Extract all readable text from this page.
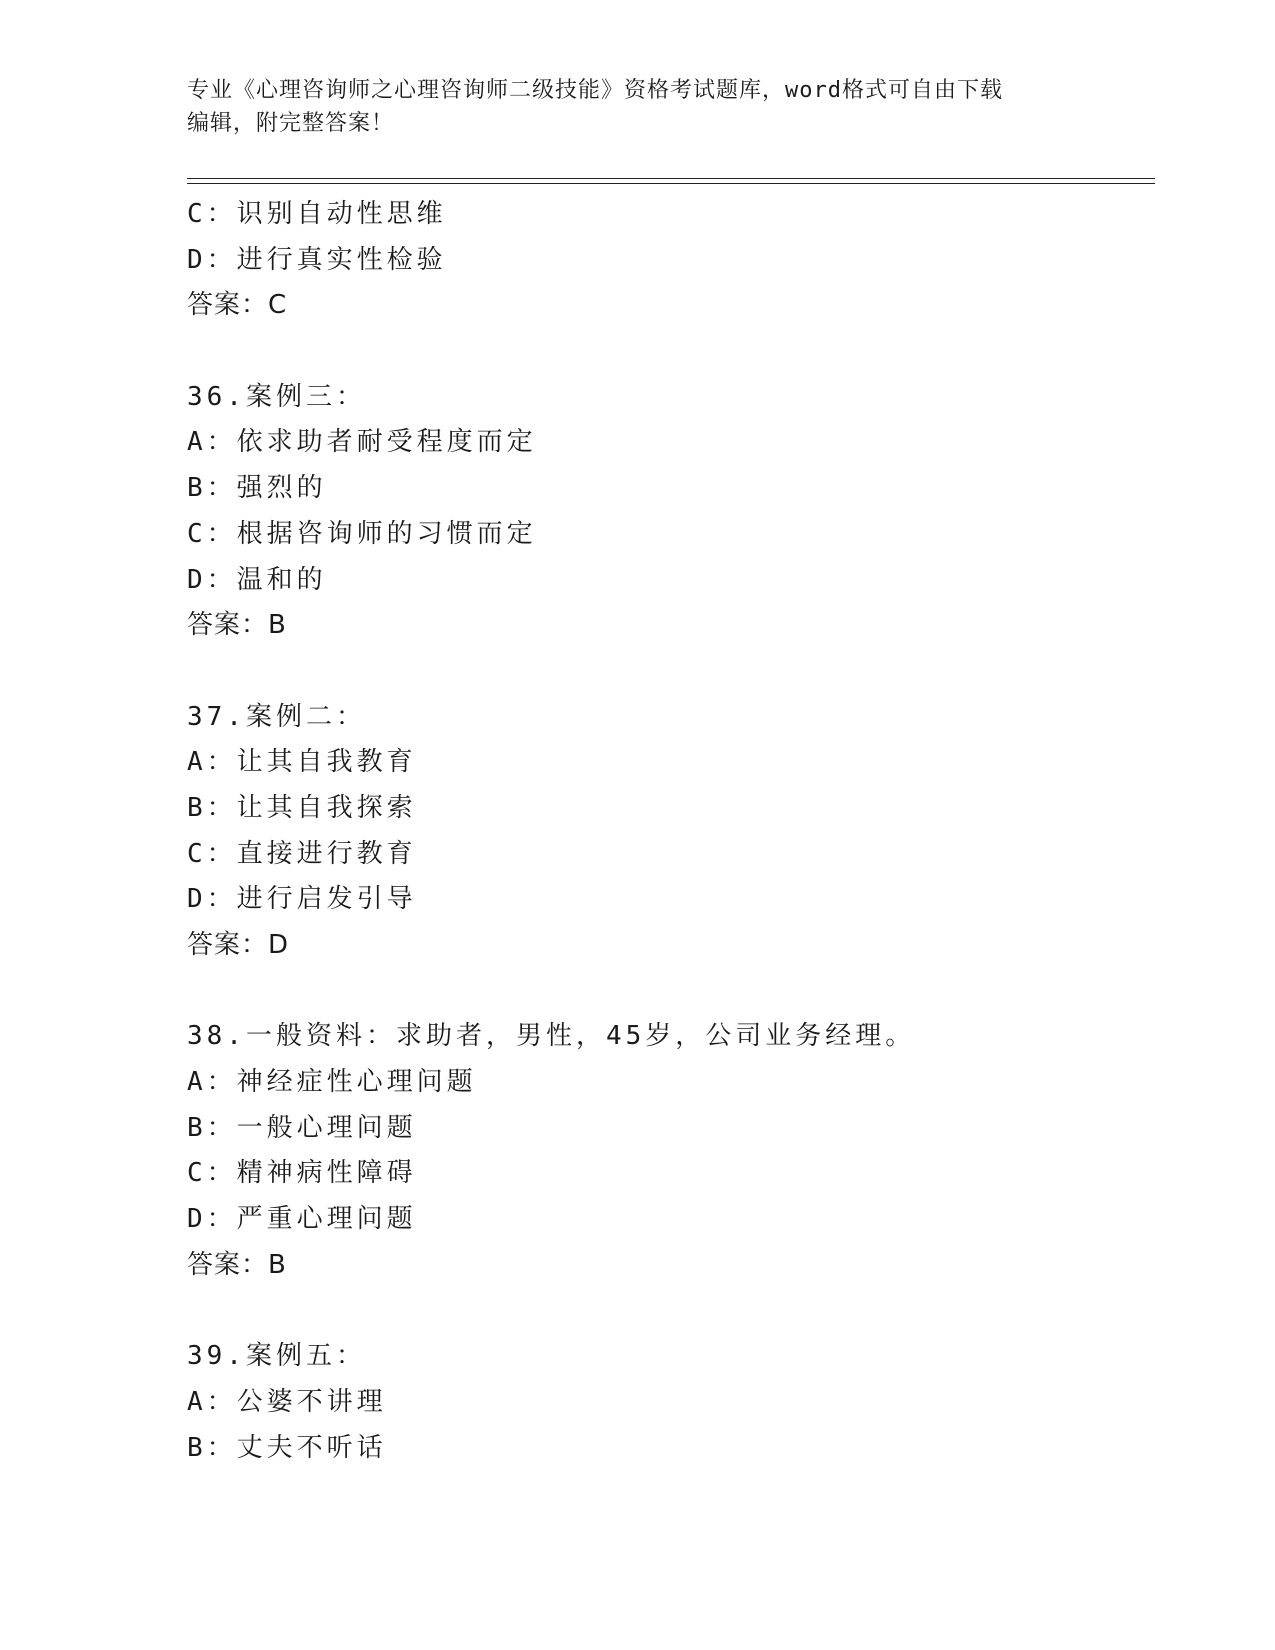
专业《心理咨询师之心理咨询师二级技能》资格考试题库，word格式可自由下载
编辑，附完整答案！
C：识别自动性思维
D：进行真实性检验
答案：C
36.案例三：
A：依求助者耐受程度而定
B：强烈的
C：根据咨询师的习惯而定
D：温和的
答案：B
37.案例二：
A：让其自我教育
B：让其自我探索
C：直接进行教育
D：进行启发引导
答案：D
38.一般资料：求助者，男性，45岁，公司业务经理。
A：神经症性心理问题
B：一般心理问题
C：精神病性障碍
D：严重心理问题
答案：B
39.案例五：
A：公婆不讲理
B：丈夫不听话
